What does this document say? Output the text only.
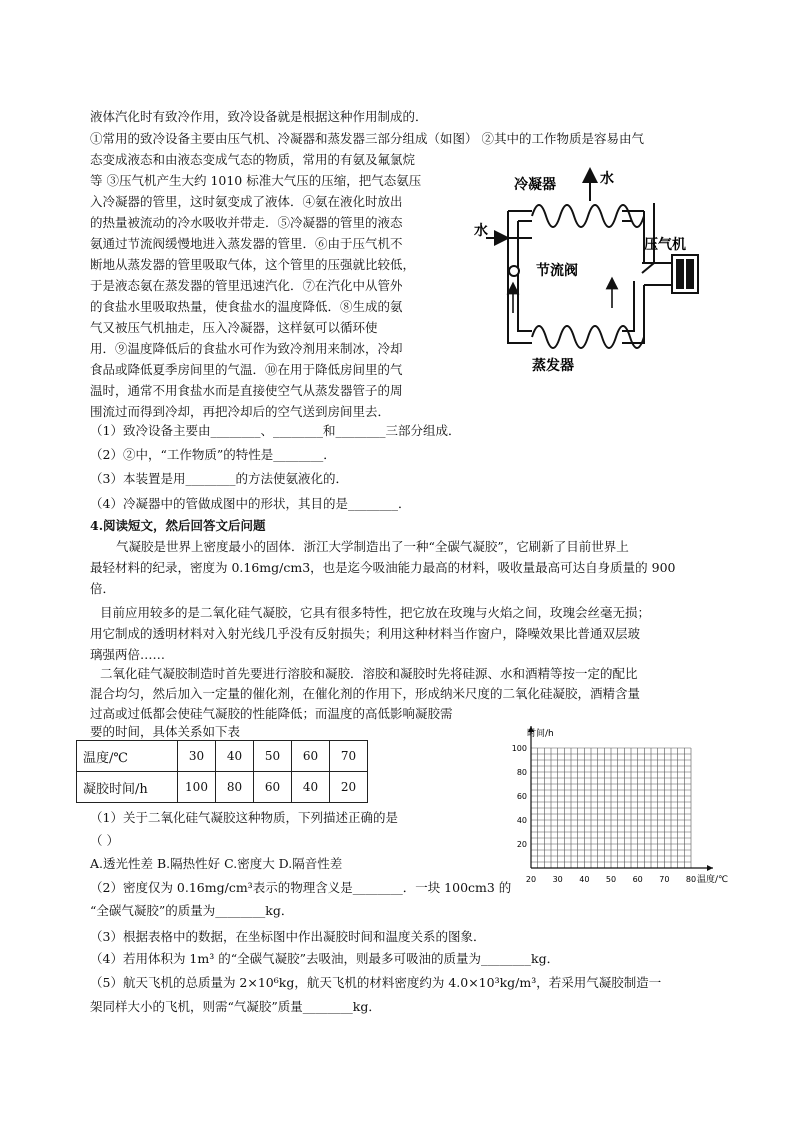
液体汽化时有致冷作用，致冷设备就是根据这种作用制成的．
①常用的致冷设备主要由压气机、冷凝器和蒸发器三部分组成（如图） ②其中的工作物质是容易由气
态变成液态和由液态变成气态的物质，常用的有氨及氟氯烷
等 ③压气机产生大约 1010 标准大气压的压缩，把气态氨压
入冷凝器的管里，这时氨变成了液体．④氨在液化时放出
的热量被流动的冷水吸收并带走．⑤冷凝器的管里的液态
氨通过节流阀缓慢地进入蒸发器的管里．⑥由于压气机不
断地从蒸发器的管里吸取气体，这个管里的压强就比较低，
于是液态氨在蒸发器的管里迅速汽化．⑦在汽化中从管外
的食盐水里吸取热量，使食盐水的温度降低．⑧生成的氨
气又被压气机抽走，压入冷凝器，这样氨可以循环使
用．⑨温度降低后的食盐水可作为致冷剂用来制冰，冷却
食品或降低夏季房间里的气温．⑩在用于降低房间里的气
温时，通常不用食盐水而是直接使空气从蒸发器管子的周
围流过而得到冷却，再把冷却后的空气送到房间里去．
冷凝器	水
水
节流阀
压气机
蒸发器
（1）致冷设备主要由________、________和________三部分组成．
（2）②中，“工作物质”的特性是________．
（3）本装置是用________的方法使氨液化的．
（4）冷凝器中的管做成图中的形状，其目的是________．
4.阅读短文，然后回答文后问题
气凝胶是世界上密度最小的固体．浙江大学制造出了一种“全碳气凝胶”，它刷新了目前世界上
最轻材料的纪录，密度为 0.16mg/cm3，也是迄今吸油能力最高的材料，吸收量最高可达自身质量的 900
倍．
目前应用较多的是二氧化硅气凝胶，它具有很多特性，把它放在玫瑰与火焰之间，玫瑰会丝毫无损；
用它制成的透明材料对入射光线几乎没有反射损失；利用这种材料当作窗户，降噪效果比普通双层玻
璃强两倍……
二氧化硅气凝胶制造时首先要进行溶胶和凝胶．溶胶和凝胶时先将硅源、水和酒精等按一定的配比
混合均匀，然后加入一定量的催化剂，在催化剂的作用下，形成纳米尺度的二氧化硅凝胶，酒精含量
过高或过低都会使硅气凝胶的性能降低；而温度的高低影响凝胶需
要的时间，具体关系如下表
温度/℃	30	40	50	60	70
凝胶时间/h	100	80	60	40	20
20 30 40 50 60 70 80
20
40
60
80
100
时间/h
温度/℃
（1）关于二氧化硅气凝胶这种物质，下列描述正确的是
（ ）
A.透光性差 B.隔热性好 C.密度大 D.隔音性差
（2）密度仅为 0.16mg/cm³表示的物理含义是________．一块 100cm3 的
“全碳气凝胶”的质量为________kg．
（3）根据表格中的数据，在坐标图中作出凝胶时间和温度关系的图象．
（4）若用体积为 1m³ 的“全碳气凝胶”去吸油，则最多可吸油的质量为________kg．
（5）航天飞机的总质量为 2×10⁶kg，航天飞机的材料密度约为 4.0×10³kg/m³，若采用气凝胶制造一
架同样大小的飞机，则需“气凝胶”质量________kg．
